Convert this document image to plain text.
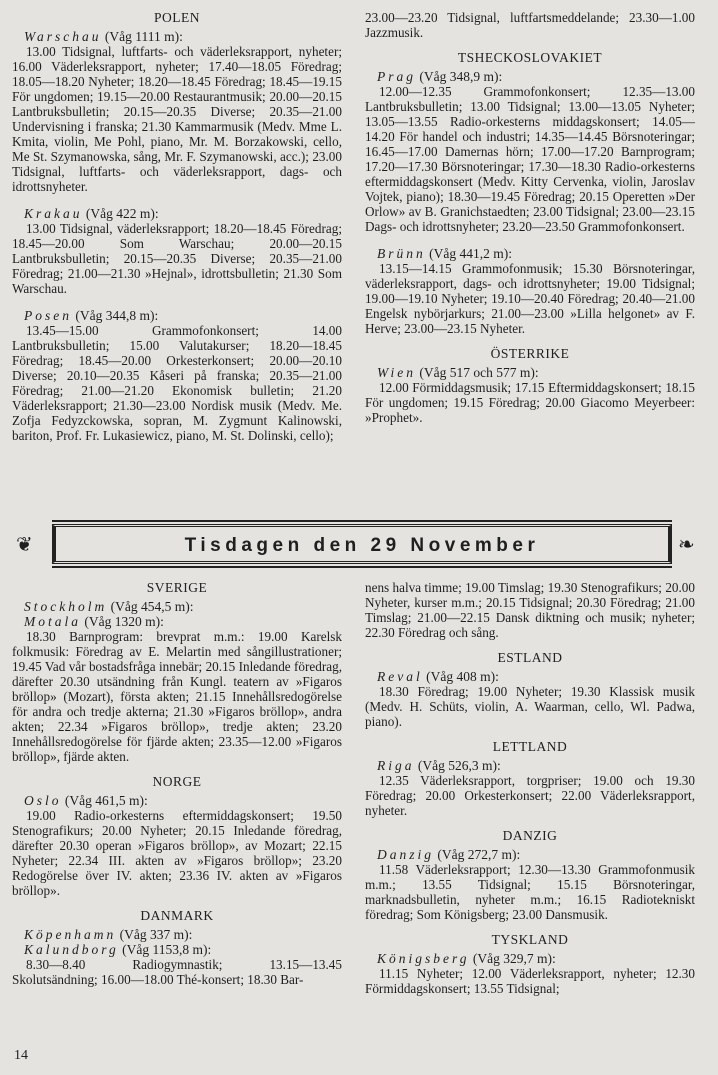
POLEN
Warschau (Våg 1111 m):

13.00 Tidsignal, luftfarts- och väderleksrapport, nyheter; 16.00 Väderleksrapport, nyheter; 17.40—18.05 Föredrag; 18.05—18.20 Nyheter; 18.20—18.45 Föredrag; 18.45—19.15 För ungdomen; 19.15—20.00 Restaurantmusik; 20.00—20.15 Lantbruksbulletin; 20.15—20.35 Diverse; 20.35—21.00 Undervisning i franska; 21.30 Kammarmusik (Medv. Mme L. Kmita, violin, Me Pohl, piano, Mr. M. Borzakowski, cello, Me St. Szymanowska, sång, Mr. F. Szymanowski, acc.); 23.00 Tidsignal, luftfarts- och väderleksrapport, dags- och idrottsnyheter.

Krakau (Våg 422 m):

13.00 Tidsignal, väderleksrapport; 18.20—18.45 Föredrag; 18.45—20.00 Som Warschau; 20.00—20.15 Lantbruksbulletin; 20.15—20.35 Diverse; 20.35—21.00 Föredrag; 21.00—21.30 »Hejnal», idrottsbulletin; 21.30 Som Warschau.

Posen (Våg 344,8 m):

13.45—15.00 Grammofonkonsert; 14.00 Lantbruksbulletin; 15.00 Valutakurser; 18.20—18.45 Föredrag; 18.45—20.00 Orkesterkonsert; 20.00—20.10 Diverse; 20.10—20.35 Kåseri på franska; 20.35—21.00 Föredrag; 21.00—21.20 Ekonomisk bulletin; 21.20 Väderleksrapport; 21.30—23.00 Nordisk musik (Medv. Me. Zofja Fedyzckowska, sopran, M. Zygmunt Kalinowski, bariton, Prof. Fr. Lukasiewicz, piano, M. St. Dolinski, cello);

23.00—23.20 Tidsignal, luftfartsmeddelande; 23.30—1.00 Jazzmusik.

TSHECKOSLOVAKIET
Prag (Våg 348,9 m):

12.00—12.35 Grammofonkonsert; 12.35—13.00 Lantbruksbulletin; 13.00 Tidsignal; 13.00—13.05 Nyheter; 13.05—13.55 Radio-orkesterns middagskonsert; 14.05—14.20 För handel och industri; 14.35—14.45 Börsnoteringar; 16.45—17.00 Damernas hörn; 17.00—17.20 Barnprogram; 17.20—17.30 Börsnoteringar; 17.30—18.30 Radio-orkesterns eftermiddagskonsert (Medv. Kitty Cervenka, violin, Jaroslav Vojtek, piano); 18.30—19.45 Föredrag; 20.15 Operetten »Der Orlow» av B. Granichstaedten; 23.00 Tidsignal; 23.00—23.15 Dags- och idrottsnyheter; 23.20—23.50 Grammofonkonsert.

Brünn (Våg 441,2 m):

13.15—14.15 Grammofonmusik; 15.30 Börsnoteringar, väderleksrapport, dags- och idrottsnyheter; 19.00 Tidsignal; 19.00—19.10 Nyheter; 19.10—20.40 Föredrag; 20.40—21.00 Engelsk nybörjarkurs; 21.00—23.00 »Lilla helgonet» av F. Herve; 23.00—23.15 Nyheter.

ÖSTERRIKE
Wien (Våg 517 och 577 m):

12.00 Förmiddagsmusik; 17.15 Eftermiddagskonsert; 18.15 För ungdomen; 19.15 Föredrag; 20.00 Giacomo Meyerbeer: »Prophet».

❦	Tisdagen den 29 November	❧
SVERIGE
Stockholm (Våg 454,5 m):
Motala (Våg 1320 m):

18.30 Barnprogram: brevprat m.m.: 19.00 Karelsk folkmusik: Föredrag av E. Melartin med sångillustrationer; 19.45 Vad vår bostadsfråga innebär; 20.15 Inledande föredrag, därefter 20.30 utsändning från Kungl. teatern av »Figaros bröllop» (Mozart), första akten; 21.15 Innehållsredogörelse för andra och tredje akterna; 21.30 »Figaros bröllop», andra akten; 22.34 »Figaros bröllop», tredje akten; 23.20 Innehållsredogörelse för fjärde akten; 23.35—12.00 »Figaros bröllop», fjärde akten.

NORGE
Oslo (Våg 461,5 m):

19.00 Radio-orkesterns eftermiddagskonsert; 19.50 Stenografikurs; 20.00 Nyheter; 20.15 Inledande föredrag, därefter 20.30 operan »Figaros bröllop», av Mozart; 22.15 Nyheter; 22.34 III. akten av »Figaros bröllop»; 23.20 Redogörelse över IV. akten; 23.36 IV. akten av »Figaros bröllop».

DANMARK
Köpenhamn (Våg 337 m):
Kalundborg (Våg 1153,8 m):

8.30—8.40 Radiogymnastik; 13.15—13.45 Skolutsändning; 16.00—18.00 Thé-konsert; 18.30 Bar-

nens halva timme; 19.00 Timslag; 19.30 Stenografikurs; 20.00 Nyheter, kurser m.m.; 20.15 Tidsignal; 20.30 Föredrag; 21.00 Timslag; 21.00—22.15 Dansk diktning och musik; nyheter; 22.30 Föredrag och sång.

ESTLAND
Reval (Våg 408 m):

18.30 Föredrag; 19.00 Nyheter; 19.30 Klassisk musik (Medv. H. Schüts, violin, A. Waarman, cello, Wl. Padwa, piano).

LETTLAND
Riga (Våg 526,3 m):

12.35 Väderleksrapport, torgpriser; 19.00 och 19.30 Föredrag; 20.00 Orkesterkonsert; 22.00 Väderleksrapport, nyheter.

DANZIG
Danzig (Våg 272,7 m):

11.58 Väderleksrapport; 12.30—13.30 Grammofonmusik m.m.; 13.55 Tidsignal; 15.15 Börsnoteringar, marknadsbulletin, nyheter m.m.; 16.15 Radiotekniskt föredrag; Som Königsberg; 23.00 Dansmusik.

TYSKLAND
Königsberg (Våg 329,7 m):

11.15 Nyheter; 12.00 Väderleksrapport, nyheter; 12.30 Förmiddagskonsert; 13.55 Tidsignal;

14
